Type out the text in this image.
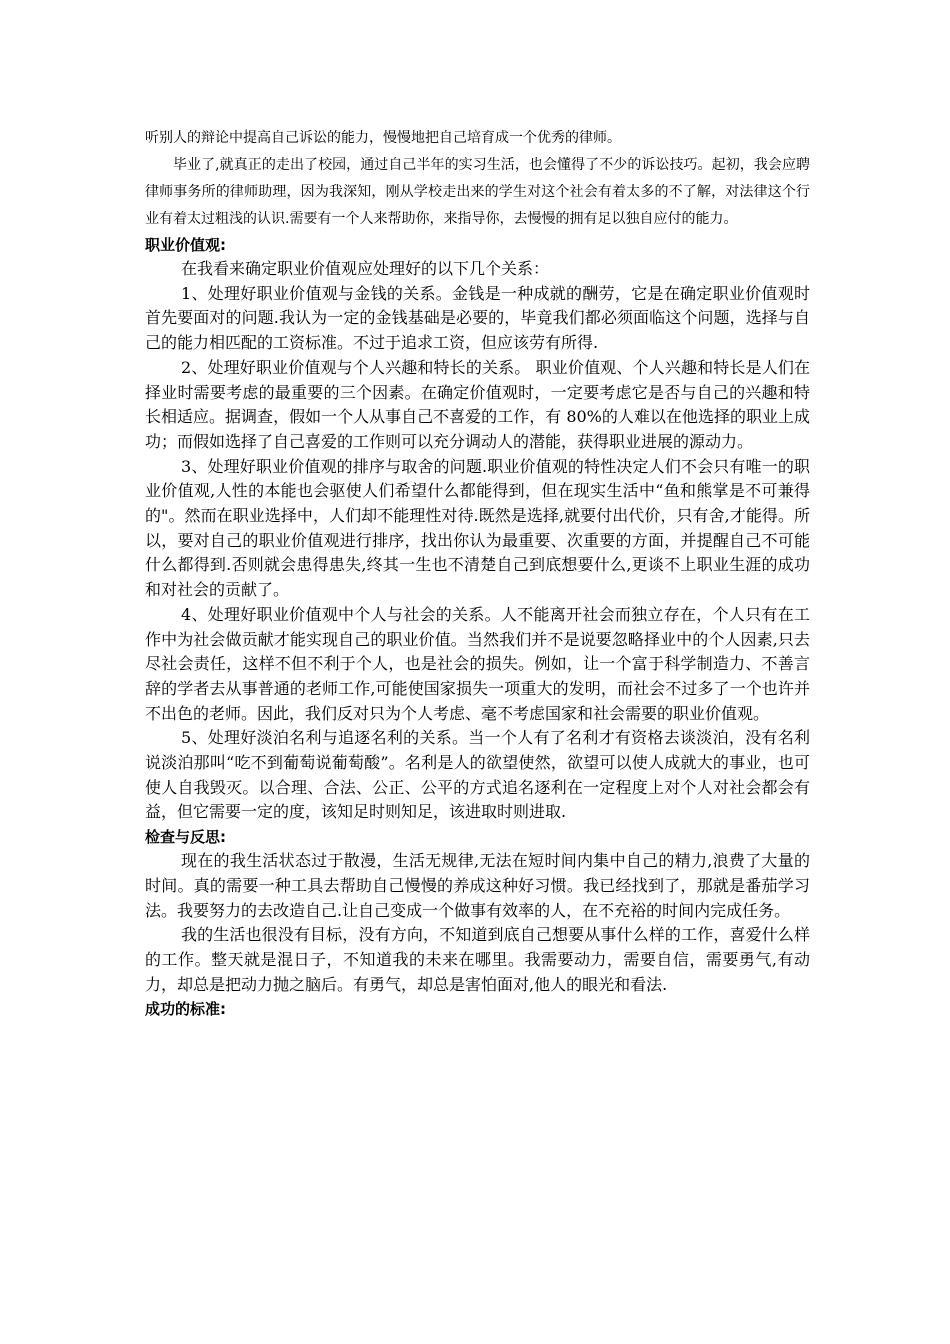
听别人的辩论中提高自己诉讼的能力，慢慢地把自己培育成一个优秀的律师。

毕业了,就真正的走出了校园，通过自己半年的实习生活，也会懂得了不少的诉讼技巧。起初，我会应聘律师事务所的律师助理，因为我深知，刚从学校走出来的学生对这个社会有着太多的不了解，对法律这个行业有着太过粗浅的认识.需要有一个人来帮助你，来指导你，去慢慢的拥有足以独自应付的能力。

职业价值观:

在我看来确定职业价值观应处理好的以下几个关系：

1、处理好职业价值观与金钱的关系。金钱是一种成就的酬劳，它是在确定职业价值观时首先要面对的问题.我认为一定的金钱基础是必要的，毕竟我们都必须面临这个问题，选择与自己的能力相匹配的工资标准。不过于追求工资，但应该劳有所得.

2、处理好职业价值观与个人兴趣和特长的关系。 职业价值观、个人兴趣和特长是人们在择业时需要考虑的最重要的三个因素。在确定价值观时，一定要考虑它是否与自己的兴趣和特长相适应。据调查，假如一个人从事自己不喜爱的工作，有 80%的人难以在他选择的职业上成功；而假如选择了自己喜爱的工作则可以充分调动人的潜能，获得职业进展的源动力。

3、处理好职业价值观的排序与取舍的问题.职业价值观的特性决定人们不会只有唯一的职业价值观,人性的本能也会驱使人们希望什么都能得到，但在现实生活中“鱼和熊掌是不可兼得的"。然而在职业选择中，人们却不能理性对待.既然是选择,就要付出代价，只有舍,才能得。所以，要对自己的职业价值观进行排序，找出你认为最重要、次重要的方面，并提醒自己不可能什么都得到.否则就会患得患失,终其一生也不清楚自己到底想要什么,更谈不上职业生涯的成功和对社会的贡献了。

4、处理好职业价值观中个人与社会的关系。人不能离开社会而独立存在，个人只有在工作中为社会做贡献才能实现自己的职业价值。当然我们并不是说要忽略择业中的个人因素,只去尽社会责任，这样不但不利于个人，也是社会的损失。例如，让一个富于科学制造力、不善言辞的学者去从事普通的老师工作,可能使国家损失一项重大的发明，而社会不过多了一个也许并不出色的老师。因此，我们反对只为个人考虑、毫不考虑国家和社会需要的职业价值观。

5、处理好淡泊名利与追逐名利的关系。当一个人有了名利才有资格去谈淡泊，没有名利说淡泊那叫“吃不到葡萄说葡萄酸”。名利是人的欲望使然，欲望可以使人成就大的事业，也可使人自我毁灭。以合理、合法、公正、公平的方式追名逐利在一定程度上对个人对社会都会有益，但它需要一定的度，该知足时则知足，该进取时则进取.

检查与反思:

现在的我生活状态过于散漫，生活无规律,无法在短时间内集中自己的精力,浪费了大量的时间。真的需要一种工具去帮助自己慢慢的养成这种好习惯。我已经找到了，那就是番茄学习法。我要努力的去改造自己.让自己变成一个做事有效率的人，在不充裕的时间内完成任务。

我的生活也很没有目标，没有方向，不知道到底自己想要从事什么样的工作，喜爱什么样的工作。整天就是混日子，不知道我的未来在哪里。我需要动力，需要自信，需要勇气,有动力，却总是把动力抛之脑后。有勇气，却总是害怕面对,他人的眼光和看法.

成功的标准:
